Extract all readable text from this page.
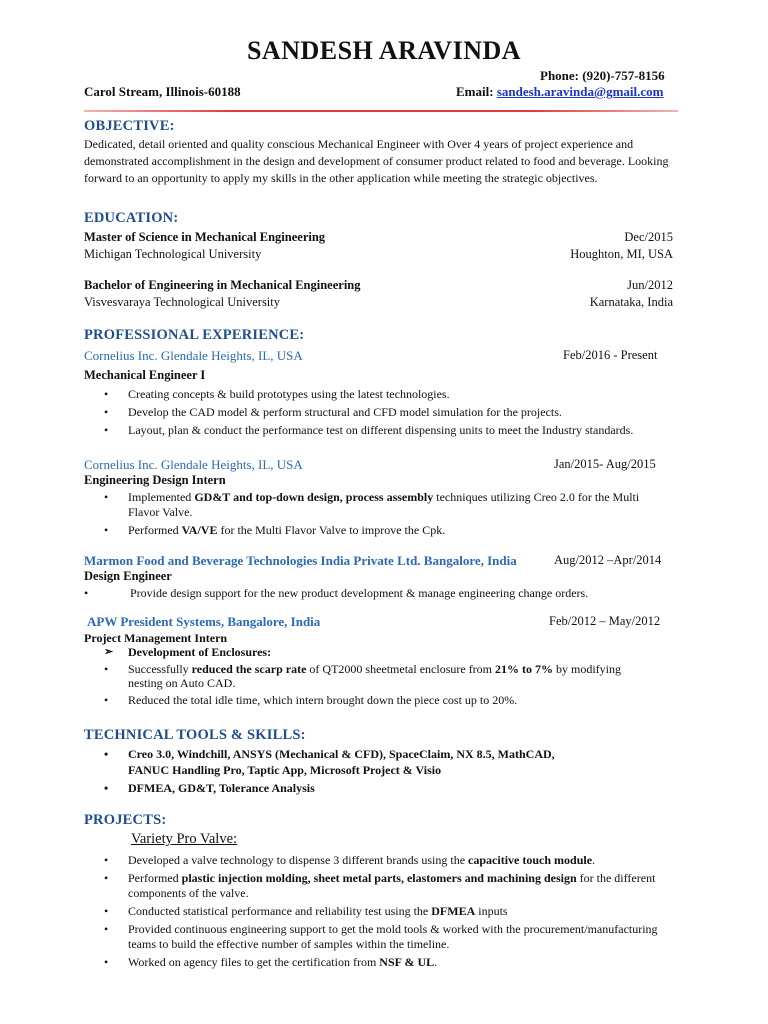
SANDESH ARAVINDA
Phone: (920)-757-8156
Carol Stream, Illinois-60188	Email: sandesh.aravinda@gmail.com
OBJECTIVE:
Dedicated, detail oriented and quality conscious Mechanical Engineer with Over 4 years of project experience and demonstrated accomplishment in the design and development of consumer product related to food and beverage. Looking forward to an opportunity to apply my skills in the other application while meeting the strategic objectives.
EDUCATION:
Master of Science in Mechanical Engineering	Dec/2015
Michigan Technological University	Houghton, MI, USA
Bachelor of Engineering in Mechanical Engineering	Jun/2012
Visvesvaraya Technological University	Karnataka, India
PROFESSIONAL EXPERIENCE:
Cornelius Inc. Glendale Heights, IL, USA	Feb/2016 - Present
Mechanical Engineer I
• Creating concepts & build prototypes using the latest technologies.
• Develop the CAD model & perform structural and CFD model simulation for the projects.
• Layout, plan & conduct the performance test on different dispensing units to meet the Industry standards.
Cornelius Inc. Glendale Heights, IL, USA	Jan/2015- Aug/2015
Engineering Design Intern
• Implemented GD&T and top-down design, process assembly techniques utilizing Creo 2.0 for the Multi Flavor Valve.
• Performed VA/VE for the Multi Flavor Valve to improve the Cpk.
Marmon Food and Beverage Technologies India Private Ltd. Bangalore, India	Aug/2012 –Apr/2014
Design Engineer
• Provide design support for the new product development & manage engineering change orders.
APW President Systems, Bangalore, India	Feb/2012 – May/2012
Project Management Intern
➢ Development of Enclosures:
• Successfully reduced the scarp rate of QT2000 sheetmetal enclosure from 21% to 7% by modifying nesting on Auto CAD.
• Reduced the total idle time, which intern brought down the piece cost up to 20%.
TECHNICAL TOOLS & SKILLS:
• Creo 3.0, Windchill, ANSYS (Mechanical & CFD), SpaceClaim, NX 8.5, MathCAD, FANUC Handling Pro, Taptic App, Microsoft Project & Visio
• DFMEA, GD&T, Tolerance Analysis
PROJECTS:
Variety Pro Valve:
• Developed a valve technology to dispense 3 different brands using the capacitive touch module.
• Performed plastic injection molding, sheet metal parts, elastomers and machining design for the different components of the valve.
• Conducted statistical performance and reliability test using the DFMEA inputs
• Provided continuous engineering support to get the mold tools & worked with the procurement/manufacturing teams to build the effective number of samples within the timeline.
• Worked on agency files to get the certification from NSF & UL.
